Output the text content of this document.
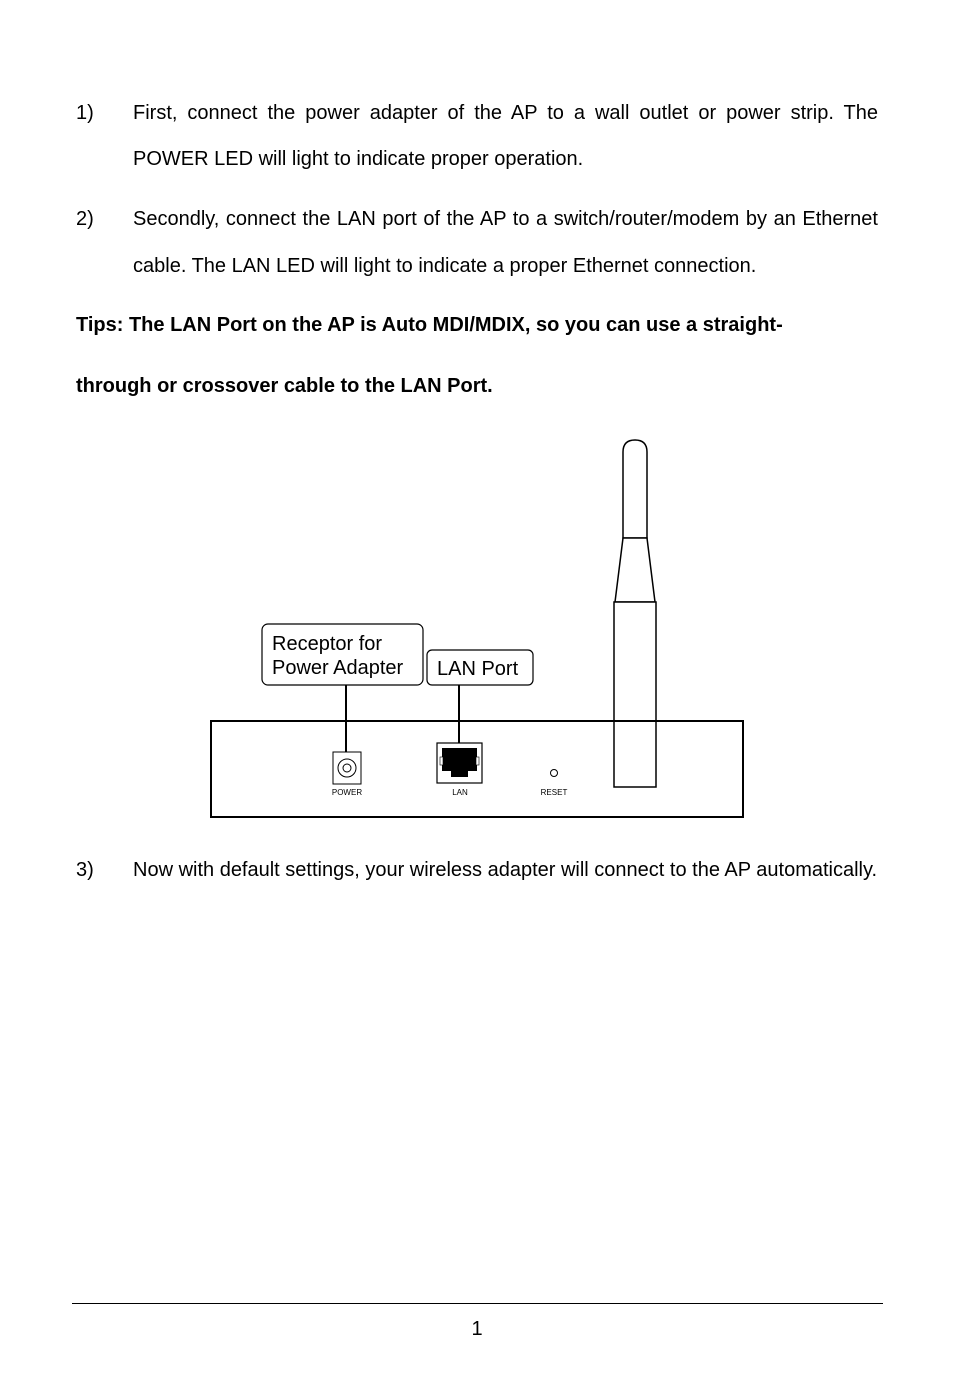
1) First, connect the power adapter of the AP to a wall outlet or power strip. The POWER LED will light to indicate proper operation.
2) Secondly, connect the LAN port of the AP to a switch/router/modem by an Ethernet cable. The LAN LED will light to indicate a proper Ethernet connection.
Tips: The LAN Port on the AP is Auto MDI/MDIX, so you can use a straight-
through or crossover cable to the LAN Port.
Receptor for
Power Adapter LAN Port
POWER	LAN	RESET
3) Now with default settings, your wireless adapter will connect to the AP automatically.
1
